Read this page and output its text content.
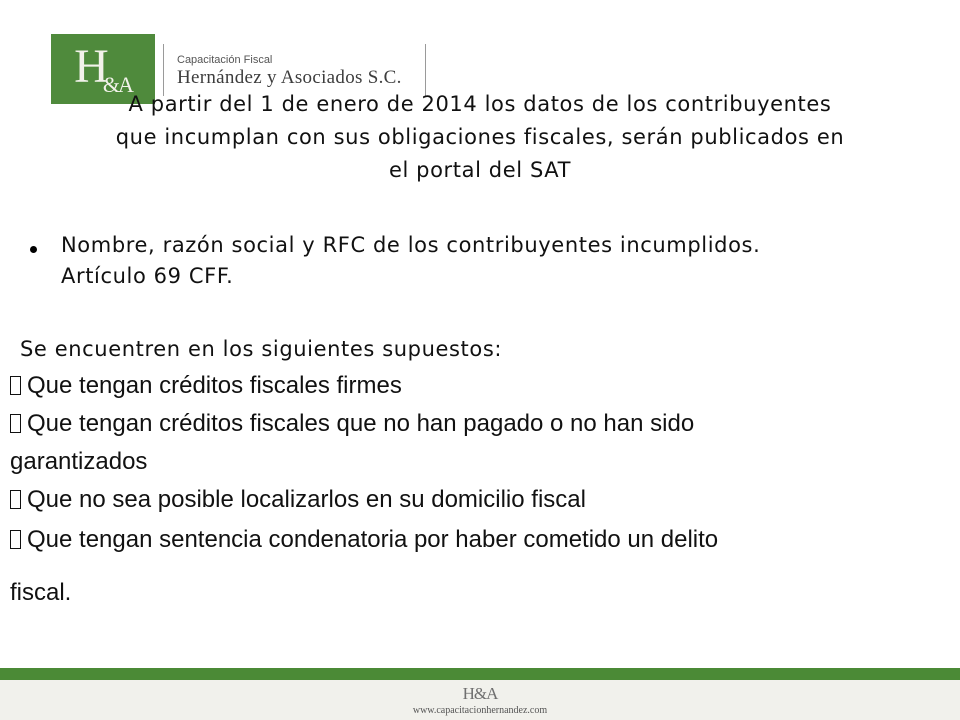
$H_{\&A}$
Capacitación Fiscal
Hernández y Asociados S.C.
A partir del 1 de enero de 2014 los datos de los contribuyentes
que incumplan con sus obligaciones fiscales, serán publicados en
el portal del SAT
Nombre, razón social y RFC de los contribuyentes incumplidos.
Artículo 69 CFF.
Se encuentren en los siguientes supuestos:
Que tengan créditos fiscales firmes
Que tengan créditos fiscales que no han pagado o no han sido
garantizados
Que no sea posible localizarlos en su domicilio fiscal
Que tengan sentencia condenatoria por haber cometido un delito
fiscal.
H&A
www.capacitacionhernandez.com
